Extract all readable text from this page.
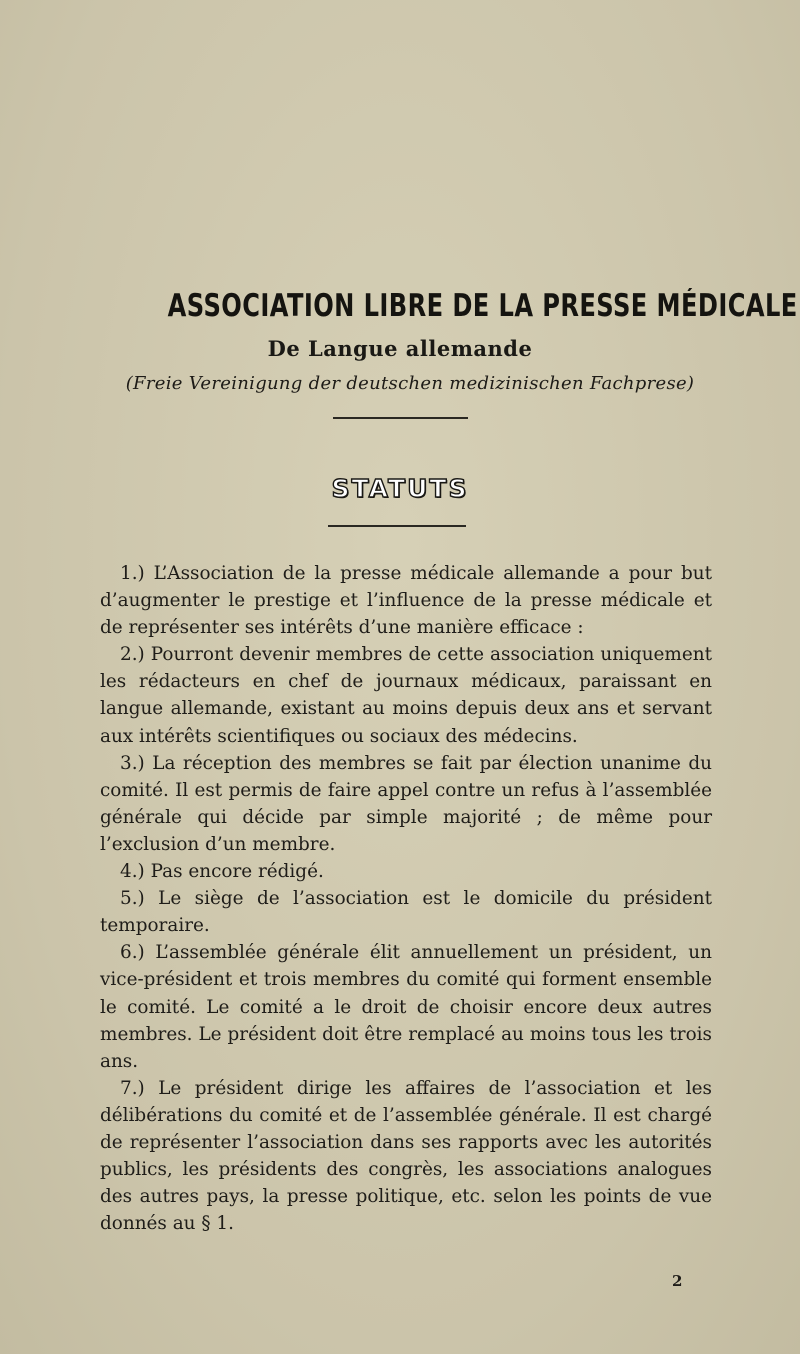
ASSOCIATION LIBRE DE LA PRESSE MÉDICALE
De Langue allemande
(Freie Vereinigung der deutschen medizinischen Fachprese)
STATUTS

1.) L’Association de la presse médicale allemande a pour but d’augmenter le prestige et l’influence de la presse médicale et de représenter ses intérêts d’une manière efficace :

2.) Pourront devenir membres de cette association uniquement les rédacteurs en chef de journaux médicaux, paraissant en langue allemande, existant au moins depuis deux ans et servant aux intérêts scientifiques ou sociaux des médecins.

3.) La réception des membres se fait par élection unanime du comité. Il est permis de faire appel contre un refus à l’assemblée générale qui décide par simple majorité ; de même pour l’exclusion d’un membre.

4.) Pas encore rédigé.

5.) Le siège de l’association est le domicile du président temporaire.

6.) L’assemblée générale élit annuellement un président, un vice-président et trois membres du comité qui forment ensemble le comité. Le comité a le droit de choisir encore deux autres membres. Le président doit être remplacé au moins tous les trois ans.

7.) Le président dirige les affaires de l’association et les délibérations du comité et de l’assemblée générale. Il est chargé de représenter l’association dans ses rapports avec les autorités publics, les présidents des congrès, les associations analogues des autres pays, la presse politique, etc. selon les points de vue donnés au § 1.

2
